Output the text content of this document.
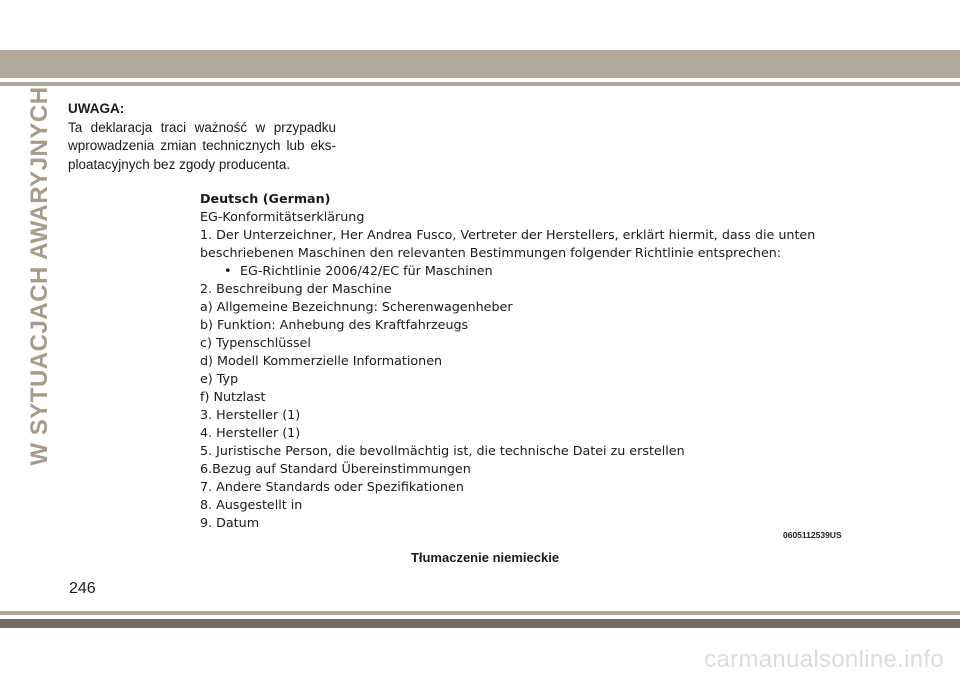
W SYTUACJACH AWARYJNYCH UWAGA:
Ta deklaracja traci ważność w przypadku wprowadzenia zmian technicznych lub eks-ploatacyjnych bez zgody producenta.
Deutsch (German)
EG-Konformitätserklärung
1. Der Unterzeichner, Her Andrea Fusco, Vertreter der Herstellers, erklärt hiermit, dass die unten
beschriebenen Maschinen den relevanten Bestimmungen folgender Richtlinie entsprechen:
• EG-Richtlinie 2006/42/EC für Maschinen
2. Beschreibung der Maschine
a) Allgemeine Bezeichnung: Scherenwagenheber
b) Funktion: Anhebung des Kraftfahrzeugs
c) Typenschlüssel
d) Modell Kommerzielle Informationen
e) Typ
f) Nutzlast
3. Hersteller (1)
4. Hersteller (1)
5. Juristische Person, die bevollmächtig ist, die technische Datei zu erstellen
6.Bezug auf Standard Übereinstimmungen
7. Andere Standards oder Spezifikationen
8. Ausgestellt in
9. Datum
0605112539US
Tłumaczenie niemieckie
246
carmanualsonline.info
